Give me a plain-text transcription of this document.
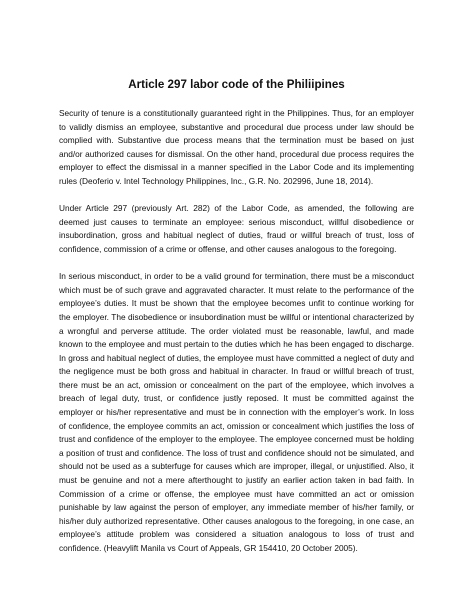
Article 297 labor code of the Philiipines

Security of tenure is a constitutionally guaranteed right in the Philippines. Thus, for an employer to validly dismiss an employee, substantive and procedural due process under law should be complied with. Substantive due process means that the termination must be based on just and/or authorized causes for dismissal. On the other hand, procedural due process requires the employer to effect the dismissal in a manner specified in the Labor Code and its implementing rules (Deoferio v. Intel Technology Philippines, Inc., G.R. No. 202996, June 18, 2014).

Under Article 297 (previously Art. 282) of the Labor Code, as amended, the following are deemed just causes to terminate an employee: serious misconduct, willful disobedience or insubordination, gross and habitual neglect of duties, fraud or willful breach of trust, loss of confidence, commission of a crime or offense, and other causes analogous to the foregoing.

In serious misconduct, in order to be a valid ground for termination, there must be a misconduct which must be of such grave and aggravated character. It must relate to the performance of the employee’s duties. It must be shown that the employee becomes unfit to continue working for the employer. The disobedience or insubordination must be willful or intentional characterized by a wrongful and perverse attitude. The order violated must be reasonable, lawful, and made known to the employee and must pertain to the duties which he has been engaged to discharge. In gross and habitual neglect of duties, the employee must have committed a neglect of duty and the negligence must be both gross and habitual in character. In fraud or willful breach of trust, there must be an act, omission or concealment on the part of the employee, which involves a breach of legal duty, trust, or confidence justly reposed. It must be committed against the employer or his/her representative and must be in connection with the employer’s work. In loss of confidence, the employee commits an act, omission or concealment which justifies the loss of trust and confidence of the employer to the employee. The employee concerned must be holding a position of trust and confidence. The loss of trust and confidence should not be simulated, and should not be used as a subterfuge for causes which are improper, illegal, or unjustified. Also, it must be genuine and not a mere afterthought to justify an earlier action taken in bad faith. In Commission of a crime or offense, the employee must have committed an act or omission punishable by law against the person of employer, any immediate member of his/her family, or his/her duly authorized representative. Other causes analogous to the foregoing, in one case, an employee’s attitude problem was considered a situation analogous to loss of trust and confidence. (Heavylift Manila vs Court of Appeals, GR 154410, 20 October 2005).
